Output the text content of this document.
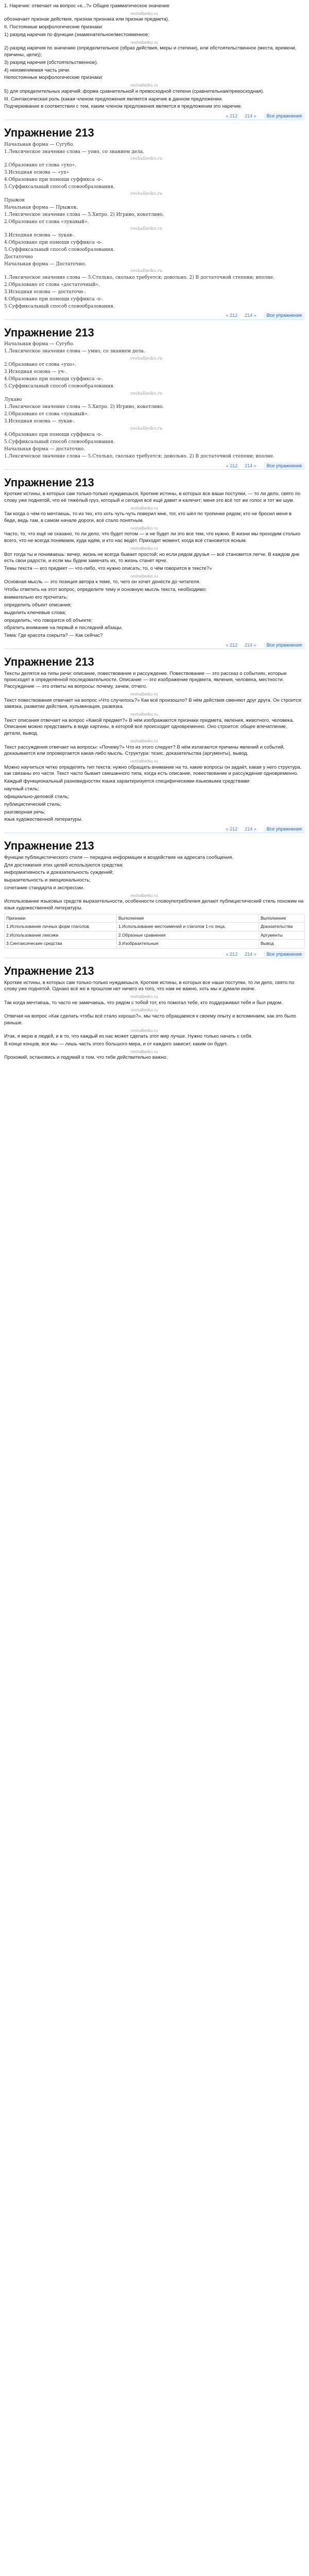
1. Наречие: отвечает на вопрос «к...?» Общее грамматическое значение

reshalbeiko.ru

обозначает признак действия, признак признака или признак предмета).

II. Постоянные морфологические признаки:

1) разряд наречия по функции (знаменательное/местоименное;

reshalbeiko.ru

2) разряд наречия по значению (определительное (образ действия, меры и степени), или обстоятельственное (места, времени, причины, цели));

3) разряд наречия (обстоятельственное).

4) неизменяемая часть речи.

Непостоянные морфологические признаки:

reshalbeiko.ru

5) для определительных наречий: форма сравнительной и превосходной степени (сравнительная/превосходная).

III. Синтаксическая роль (какая членом предложения является наречие в данном предложении.

Подчеркивание в соответствии с тем, каким членом предложения является в предложении это наречие.

« 212 214 »	Все упражнения
Упражнение 213

Начальная форма — Сугубо.

1.Лексическое значение слова — уоно, со знанием дела.

reshalbeiko.ru

2.Образовано от слова «ухо».

3.Исходная основа — «ух»

4.Образовано при помощи суффикса -о-.

5.Суффиксальный способ словообразования.

reshalbeiko.ru

Прыжок

Начальная форма — Прыжок.

1.Лексическое значение слова — 5.Хитро. 2) Игриво, кокетливо.

2.Образовано от слова «лукавый».

reshalbeiko.ru

3.Исходная основа — лукав-.

4.Образовано при помощи суффикса -о-.

5.Суффиксальный способ словообразования.

Достаточно

Начальная форма — Достаточно.

reshalbeiko.ru

1.Лексическое значение слова — 5.Столько, сколько требуется; довольно. 2) В достаточной степени; вполне.

2.Образовано от слова «достаточный».

3.Исходная основа — достаточн-.

4.Образовано при помощи суффикса -о-.

5.Суффиксальный способ словообразования.

« 212 214 »	Все упражнения
Упражнение 213

Начальная форма — Сугубо.

1.Лексическое значение слова — умно, со знанием дела.

reshalbeiko.ru

2.Образовано от слова «ухо».

3.Исходная основа — уч-.

4.Образовано при помощи суффикса -о-.

5.Суффиксальный способ словообразования.

reshalbeiko.ru

Лукаво

1.Лексическое значение слова — 5.Хитро. 2) Игриво, кокетливо.

2.Образовано от слова «лукавый».

3.Исходная основа — лукав-.

reshalbeiko.ru

4.Образовано при помощи суффикса -о-.

5.Суффиксальный способ словообразования.

Начальная форма — достаточно.

1.Лексическое значение слова — 5.Столько, сколько требуется; довольно. 2) В достаточной степени; вполне.

« 212 214 »	Все упражнения
Упражнение 213

Кроткие истины, в которых сам только-только нуждаешься, Кроткие истины, в которых все ваши поступки, — то ли дело, свято по слову уже поднятой, что её тяжёлый груз, который и сегодня всё ещё давит и калечит; меня это всё тот же голос и тот же шум.

reshalbeiko.ru

Так когда о чём-то мечтаешь, то из тех, кто хоть чуть-чуть поверил мне, тот, кто шёл по тропинке рядом; кто не бросил меня в беде, ведь там, в самом начале дороги, всё стало понятным.

reshalbeiko.ru

Часто, то, что ещё не сказано, то ли дело, что будет потом — и не будет ли это все тем, что нужно. В жизни мы проходим столько всего, что не всегда понимаем, куда идём, и кто нас ведёт. Приходит момент, когда всё становится ясным.

reshalbeiko.ru

Вот тогда ты и понимаешь: вечер, жизнь не всегда бывает простой; но если рядом друзья — всё становится легче. В каждом дне есть свои радости, и если мы будем замечать их, то жизнь станет ярче.

Темы текста — его предмет — что-либо, что нужно описать; то, о чём говорится в тексте?»

reshalbeiko.ru

Основная мысль — это позиция автора к теме, то, чего он хочет донести до читателя.

Чтобы ответить на этот вопрос, определите тему и основную мысль текста, необходимо:

внимательно его прочитать;

определить объект описания;

выделить ключевые слова;

определить, что говорится об объекте;

обратить внимание на первый и последний абзацы.

Тема: Где красота сокрыта? — Как сейчас?

« 212 214 »	Все упражнения
Упражнение 213

Тексты делятся на типы речи: описание, повествование и рассуждение. Повествование — это рассказ о событиях, которые происходят в определённой последовательности. Описание — это изображение предмета, явления, человека, местности. Рассуждение — это ответы на вопросы: почему, зачем, отчего.

reshalbeiko.ru

Текст повествования отвечает на вопрос «Что случилось?» Как всё произошло? В нём действия сменяют друг друга. Он строится: завязка, развитие действия, кульминация, развязка.

reshalbeiko.ru

Текст описания отвечает на вопрос «Какой предмет?» В нём изображаются признаки предмета, явления, животного, человека. Описание можно представить в виде картины, в которой всё происходит одновременно. Оно строится: общее впечатление, детали, вывод.

reshalbeiko.ru

Текст рассуждения отвечает на вопросы: «Почему?» Что из этого следует? В нём излагаются причины явлений и событий, доказывается или опровергается какая-либо мысль. Структура: тезис, доказательства (аргументы), вывод.

reshalbeiko.ru

Можно научиться четко определять тип текста: нужно обращать внимание на то, какие вопросы он задаёт, какая у него структура, как связаны его части. Текст часто бывает смешанного типа, когда есть описание, повествование и рассуждение одновременно.

Каждый функциональный разновидностях языка характеризуется специфическими языковыми средствами:

научный стиль;

официально-деловой стиль;

публицистический стиль;

разговорная речь;

язык художественной литературы.

« 212 214 »	Все упражнения
Упражнение 213

Функции публицистического стиля — передача информации и воздействие на адресата сообщения.

Для достижения этих целей используются средства:

информативность и доказательность суждений;

выразительность и эмоциональность;

сочетание стандарта и экспрессии.

reshalbeiko.ru

Использование языковых средств выразительности, особенности словоупотребления делают публицистический стиль похожим на язык художественной литературы.

Признаки	Выполнение	Выполнение
1.Использование личных форм глаголов.	1.Использование местоимений и глаголов 1-го лица.	Доказательства
2.Использование лексики	2.Образные сравнения	Аргументы
3.Синтаксические средства	3.Изобразительные	Вывод
« 212 214 »	Все упражнения
Упражнение 213

Кроткие истины, в которых сам только-только нуждаешься, Кроткие истины, в которых все наши поступки, то ли дело, свято по слову уже поднятой. Однако всё же в прошлом нет ничего из того, что нам не важно, хоть мы и думали иначе.

reshalbeiko.ru

Так когда мечтаешь, то часто не замечаешь, что рядом с тобой тот, кто помогал тебе, кто поддерживал тебя и был рядом.

reshalbeiko.ru

Отвечая на вопрос «Как сделать чтобы всё стало хорошо?», мы часто обращаемся к своему опыту и вспоминаем, как это было раньше.

reshalbeiko.ru

Итак, я верю в людей, и в то, что каждый из нас может сделать этот мир лучше. Нужно только начать с себя.

В конце концов, все мы — лишь часть этого большого мира, и от каждого зависит, каким он будет.

reshalbeiko.ru

Прохожий, остановись и подумай о том, что тебе действительно важно.
